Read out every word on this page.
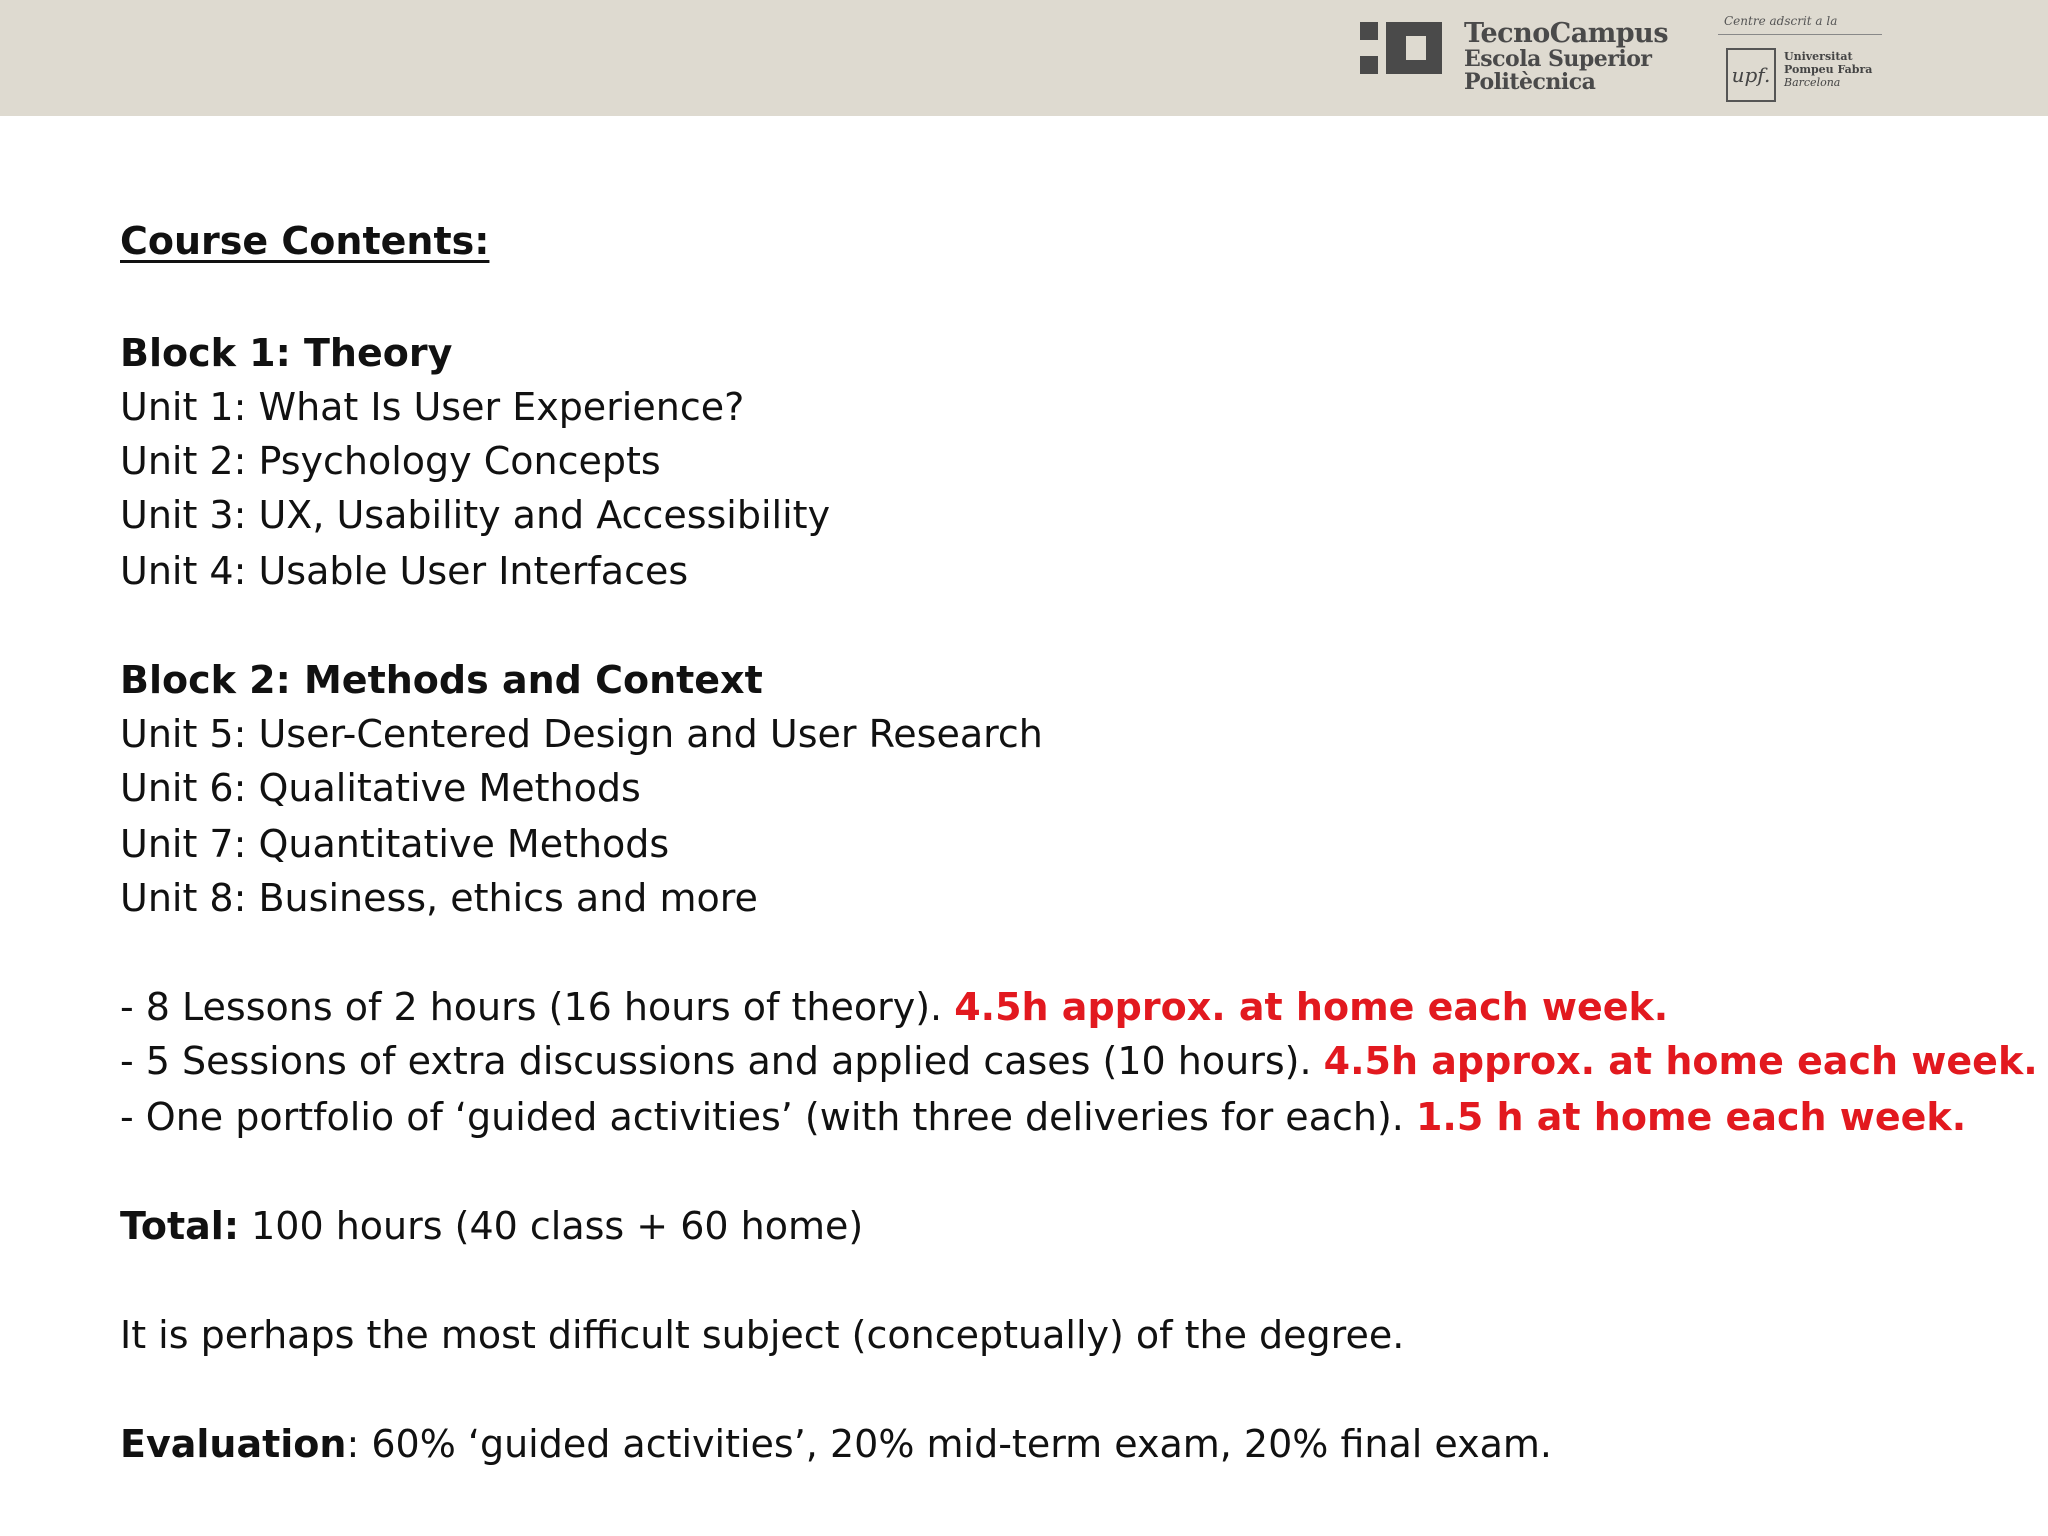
TecnoCampus
Escola Superior
Politècnica
Centre adscrit a la
upf.
Universitat
Pompeu Fabra
Barcelona
Course Contents:
Block 1: Theory
Unit 1: What Is User Experience?
Unit 2: Psychology Concepts
Unit 3: UX, Usability and Accessibility
Unit 4: Usable User Interfaces
Block 2: Methods and Context
Unit 5: User-Centered Design and User Research
Unit 6: Qualitative Methods
Unit 7: Quantitative Methods
Unit 8: Business, ethics and more
- 8 Lessons of 2 hours (16 hours of theory). 4.5h approx. at home each week.
- 5 Sessions of extra discussions and applied cases (10 hours). 4.5h approx. at home each week.
- One portfolio of ‘guided activities’ (with three deliveries for each). 1.5 h at home each week.
Total: 100 hours (40 class + 60 home)
It is perhaps the most difficult subject (conceptually) of the degree.
Evaluation: 60% ‘guided activities’, 20% mid-term exam, 20% final exam.
